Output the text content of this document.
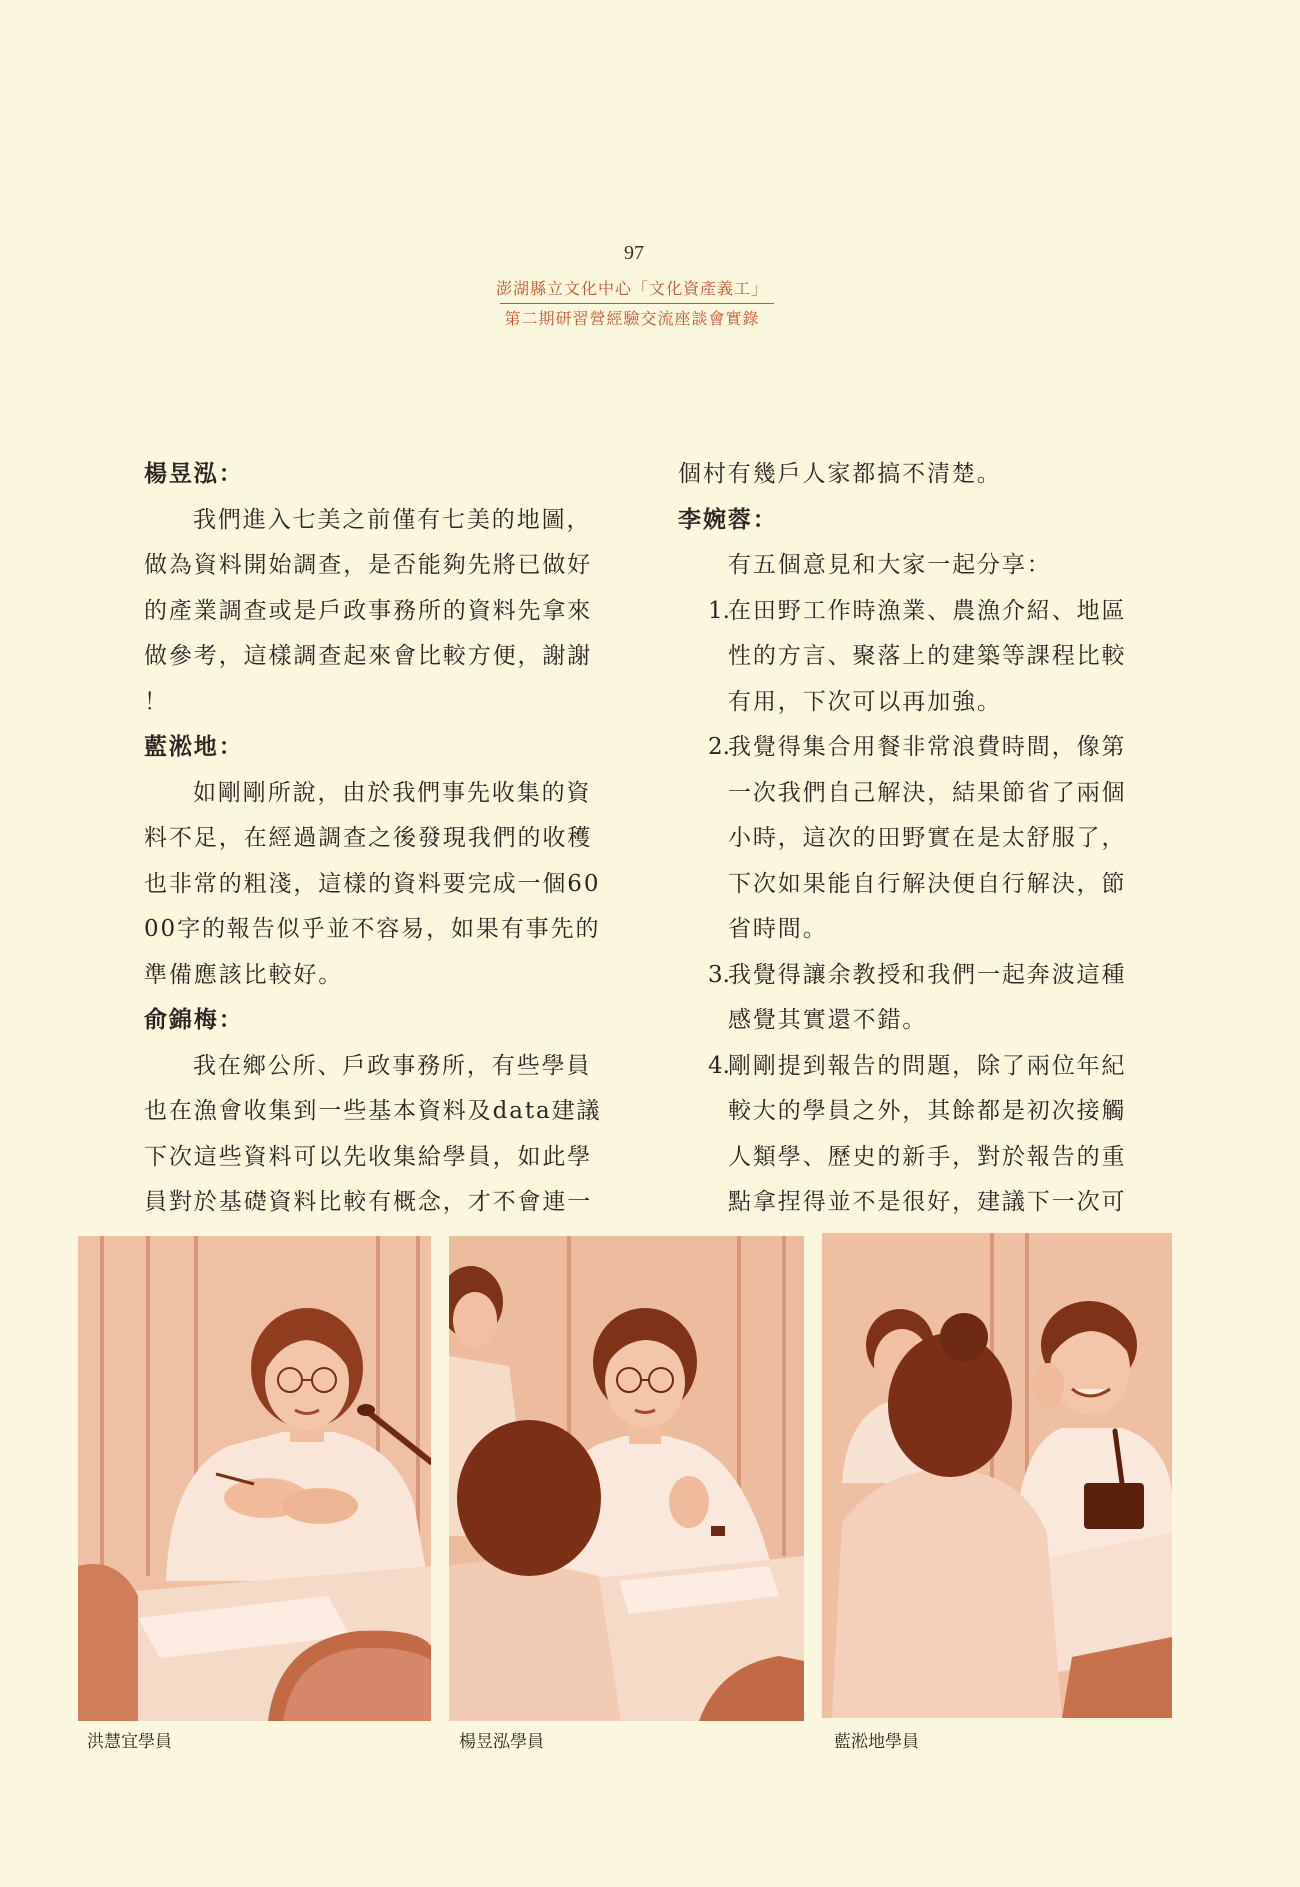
97
澎湖縣立文化中心「文化資產義工」
第二期研習營經驗交流座談會實錄
楊昱泓：
我們進入七美之前僅有七美的地圖，
做為資料開始調查，是否能夠先將已做好
的產業調查或是戶政事務所的資料先拿來
做參考，這樣調查起來會比較方便，謝謝
！
藍淞地：
如剛剛所說，由於我們事先收集的資
料不足，在經過調查之後發現我們的收穫
也非常的粗淺，這樣的資料要完成一個60
00字的報告似乎並不容易，如果有事先的
準備應該比較好。
俞錦梅：
我在鄉公所、戶政事務所，有些學員
也在漁會收集到一些基本資料及data建議
下次這些資料可以先收集給學員，如此學
員對於基礎資料比較有概念，才不會連一
個村有幾戶人家都搞不清楚。
李婉蓉：
有五個意見和大家一起分享：
1.
在田野工作時漁業、農漁介紹、地區
性的方言、聚落上的建築等課程比較
有用，下次可以再加強。
2.
我覺得集合用餐非常浪費時間，像第
一次我們自己解決，結果節省了兩個
小時，這次的田野實在是太舒服了，
下次如果能自行解決便自行解決，節
省時間。
3.
我覺得讓余教授和我們一起奔波這種
感覺其實還不錯。
4.
剛剛提到報告的問題，除了兩位年紀
較大的學員之外，其餘都是初次接觸
人類學、歷史的新手，對於報告的重
點拿捏得並不是很好，建議下一次可
洪慧宜學員	楊昱泓學員	藍淞地學員
